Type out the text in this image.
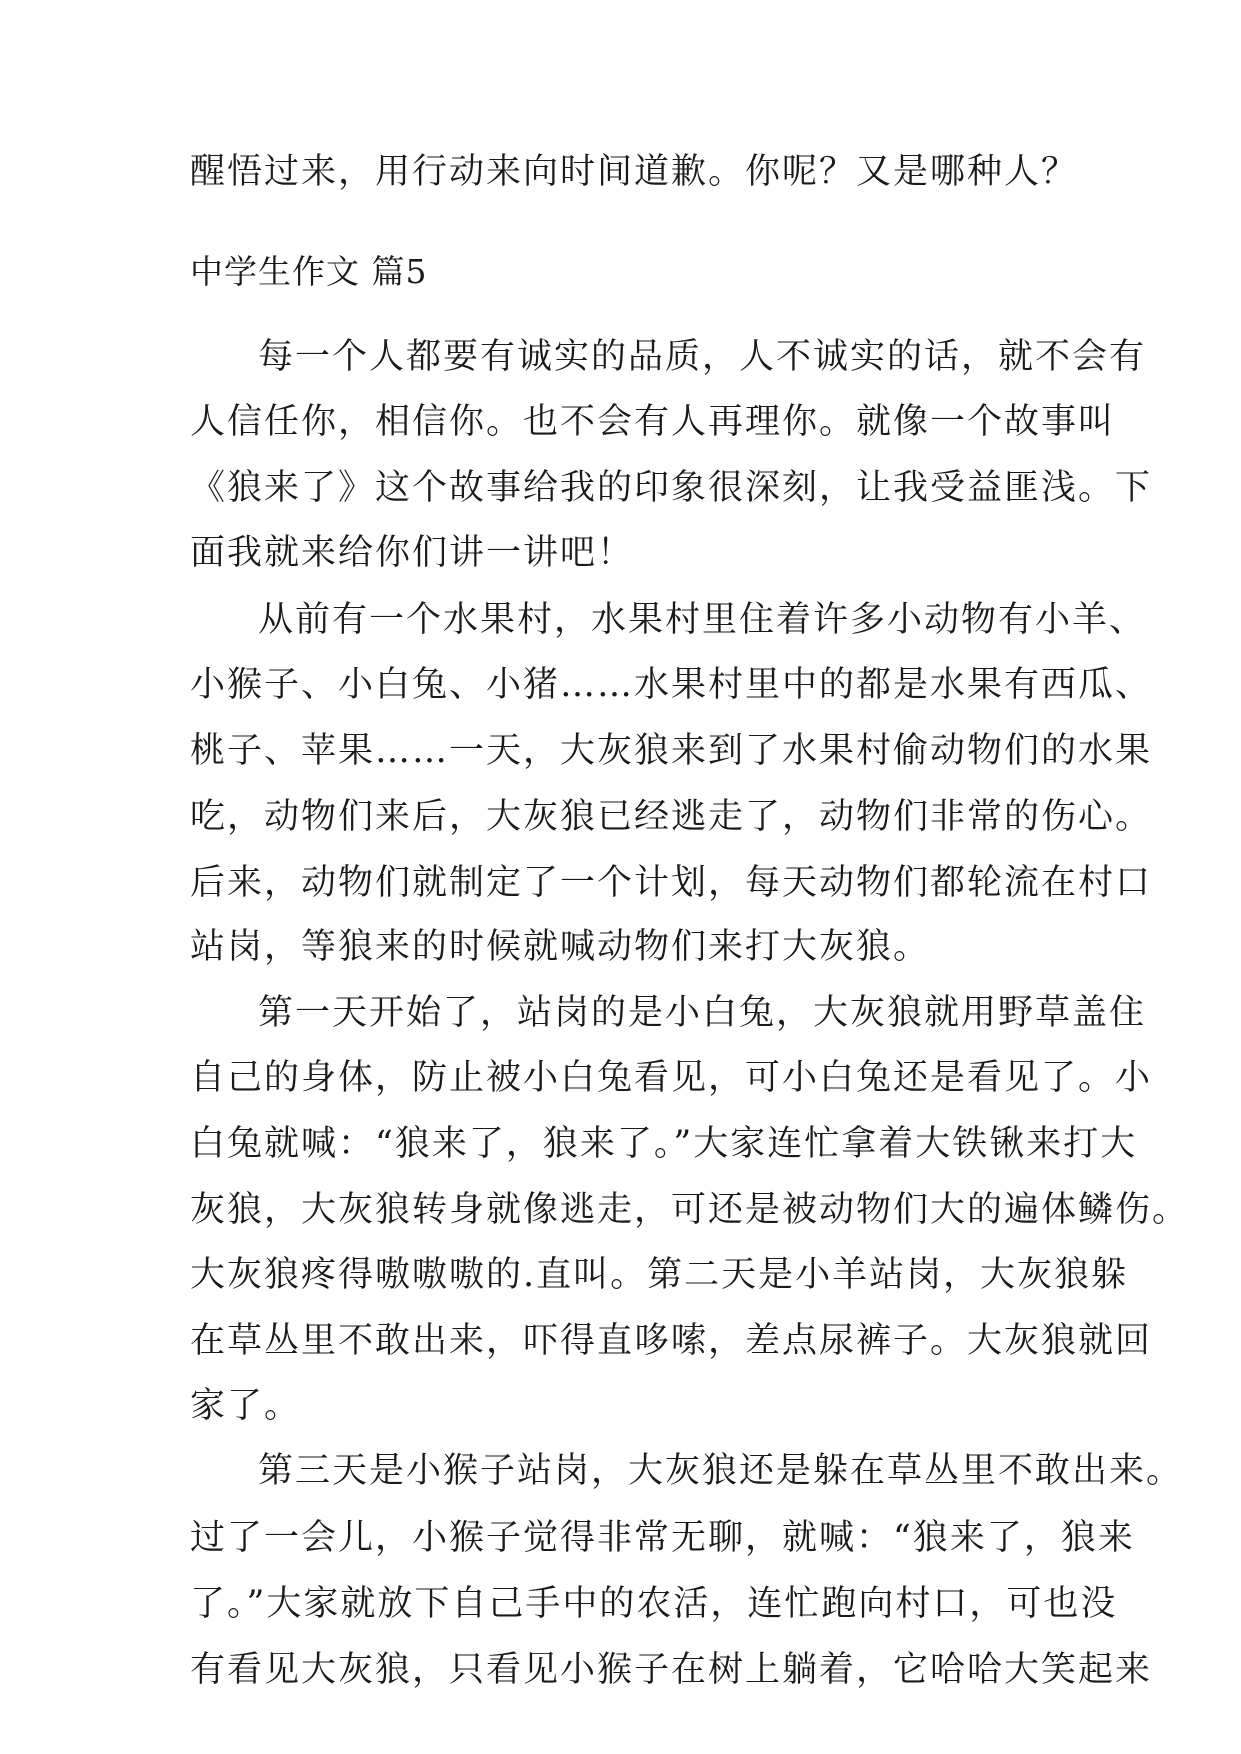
醒悟过来，用行动来向时间道歉。你呢？又是哪种人？
中学生作文 篇5
每一个人都要有诚实的品质，人不诚实的话，就不会有
人信任你，相信你。也不会有人再理你。就像一个故事叫
《狼来了》这个故事给我的印象很深刻，让我受益匪浅。下
面我就来给你们讲一讲吧！
从前有一个水果村，水果村里住着许多小动物有小羊、
小猴子、小白兔、小猪……水果村里中的都是水果有西瓜、
桃子、苹果……一天，大灰狼来到了水果村偷动物们的水果
吃，动物们来后，大灰狼已经逃走了，动物们非常的伤心。
后来，动物们就制定了一个计划，每天动物们都轮流在村口
站岗，等狼来的时候就喊动物们来打大灰狼。
第一天开始了，站岗的是小白兔，大灰狼就用野草盖住
自己的身体，防止被小白兔看见，可小白兔还是看见了。小
白兔就喊：“狼来了，狼来了。”大家连忙拿着大铁锹来打大
灰狼，大灰狼转身就像逃走，可还是被动物们大的遍体鳞伤。
大灰狼疼得嗷嗷嗷的.直叫。第二天是小羊站岗，大灰狼躲
在草丛里不敢出来，吓得直哆嗦，差点尿裤子。大灰狼就回
家了。
第三天是小猴子站岗，大灰狼还是躲在草丛里不敢出来。
过了一会儿，小猴子觉得非常无聊，就喊：“狼来了，狼来
了。”大家就放下自己手中的农活，连忙跑向村口，可也没
有看见大灰狼，只看见小猴子在树上躺着，它哈哈大笑起来
